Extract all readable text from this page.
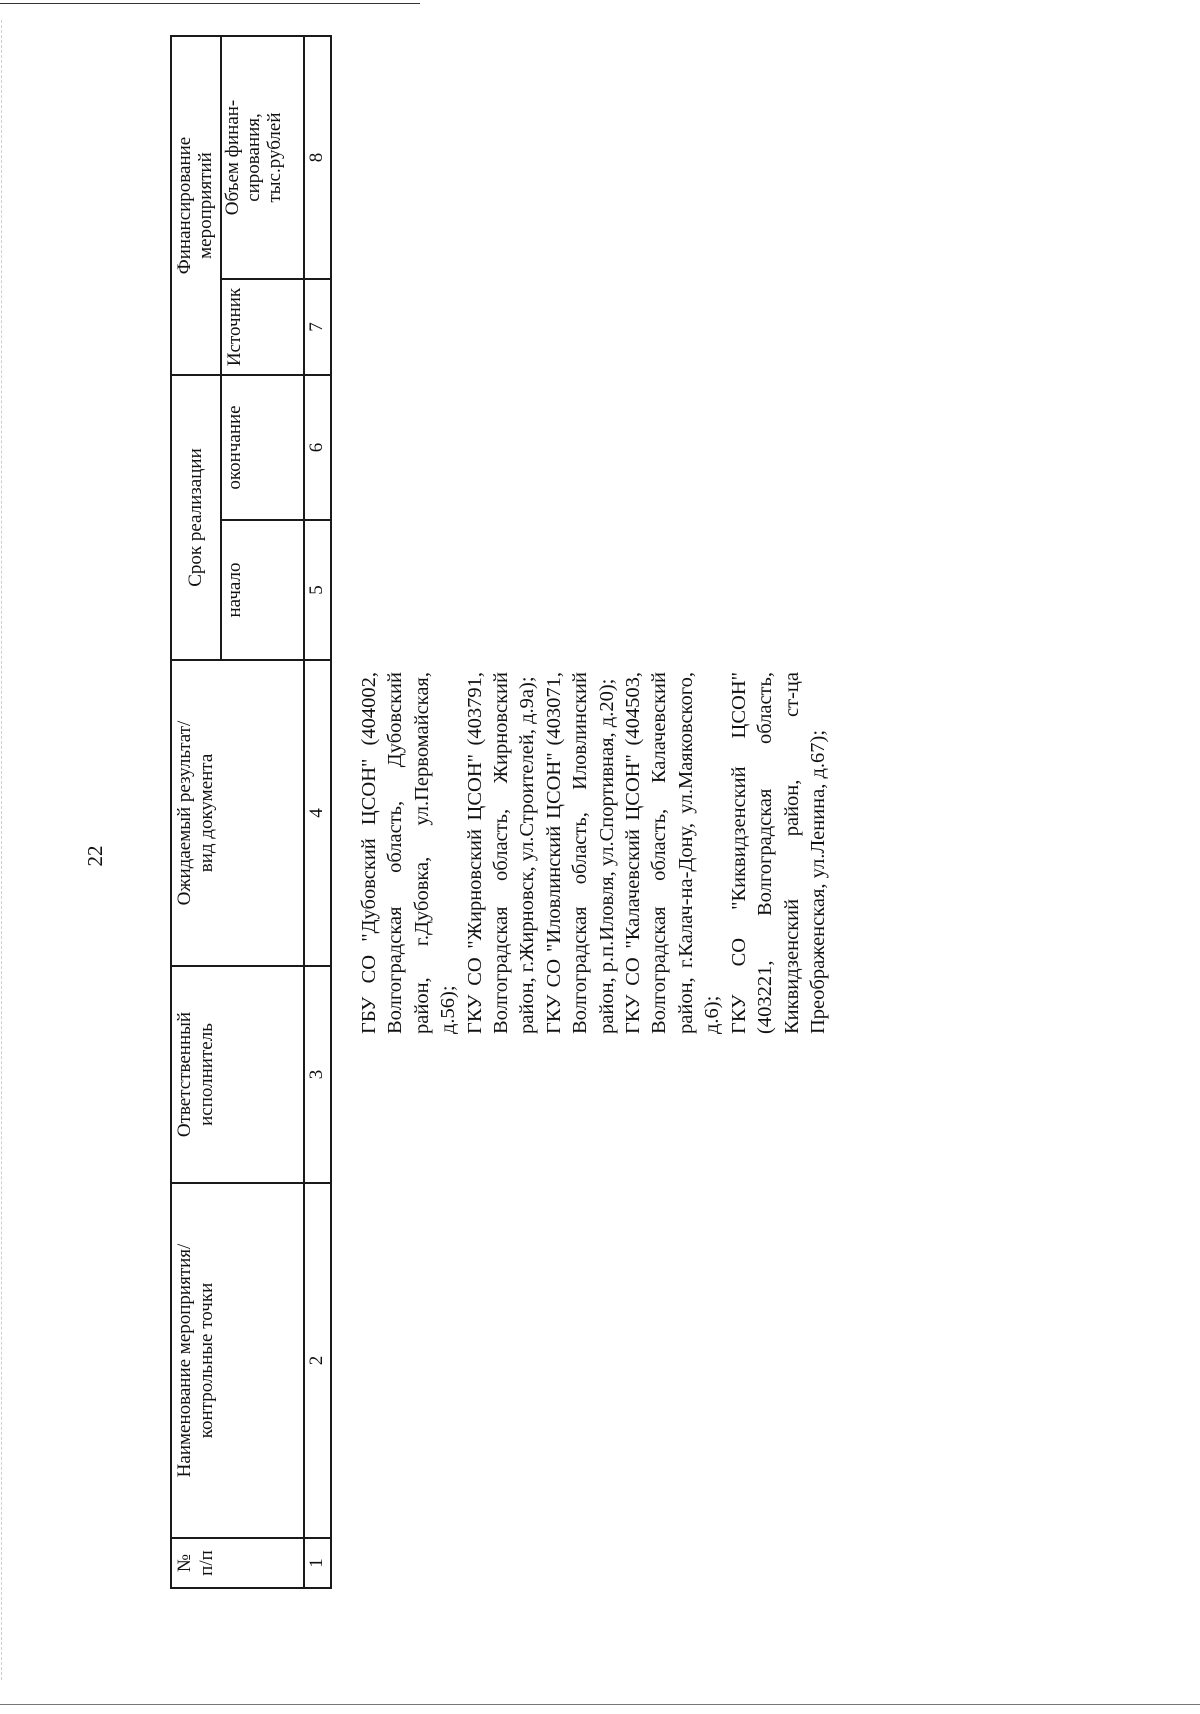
22
№
п/п
Наименование мероприятия/
контрольные точки
Ответственный
исполнитель
Ожидаемый результат/
вид документа
Срок реализации
начало
окончание
Финансирование
мероприятий
Источник
Объем финан-
сирования,
тыс.рублей
1
2
3
4
5
6
7
8

ГБУ СО "Дубовский ЦСОН" (404002, Волгоградская область, Дубовский район, г.Дубовка, ул.Первомайская, д.56); ГКУ СО "Жирновский ЦСОН" (403791, Волгоградская область, Жирновский район, г.Жирновск, ул.Строителей, д.9а); ГКУ СО "Иловлинский ЦСОН" (403071, Волгоградская область, Иловлинский район, р.п.Иловля, ул.Спортивная, д.20); ГКУ СО "Калачевский ЦСОН" (404503, Волгоградская область, Калачевский район, г.Калач-на-Дону, ул.Маяковского, д.6); ГКУ СО "Киквидзенский ЦСОН" (403221, Волгоградская область, Киквидзенский район, ст-ца Преображенская, ул.Ленина, д.67);
